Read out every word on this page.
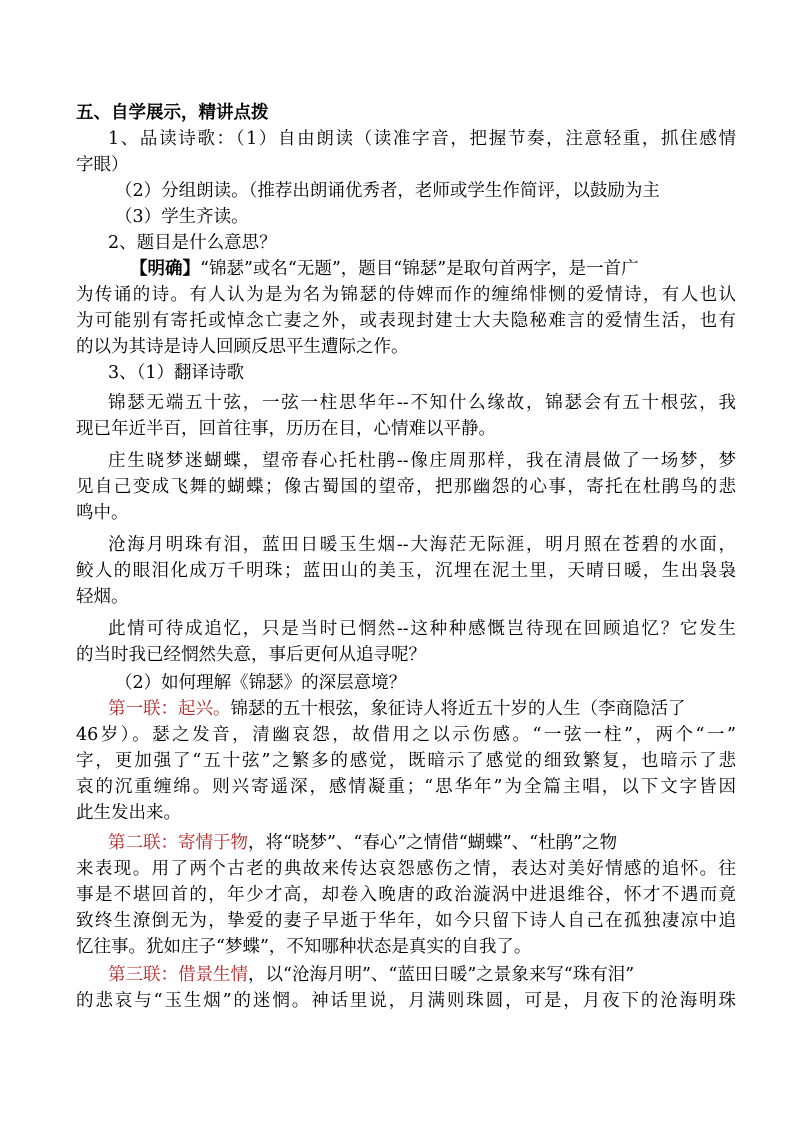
五、自学展示，精讲点拨
1、品读诗歌：（1）自由朗读（读准字音，把握节奏，注意轻重，抓住感情
字眼）
（2）分组朗读。（推荐出朗诵优秀者，老师或学生作简评，以鼓励为主
（3）学生齐读。
2、题目是什么意思？
【明确】“锦瑟”或名“无题”，题目“锦瑟”是取句首两字，是一首广
为传诵的诗。有人认为是为名为锦瑟的侍婢而作的缠绵悱恻的爱情诗，有人也认
为可能别有寄托或悼念亡妻之外，或表现封建士大夫隐秘难言的爱情生活，也有
的以为其诗是诗人回顾反思平生遭际之作。
3、（1）翻译诗歌
锦瑟无端五十弦，一弦一柱思华年--不知什么缘故，锦瑟会有五十根弦，我
现已年近半百，回首往事，历历在目，心情难以平静。
庄生晓梦迷蝴蝶，望帝春心托杜鹃--像庄周那样，我在清晨做了一场梦，梦
见自己变成飞舞的蝴蝶；像古蜀国的望帝，把那幽怨的心事，寄托在杜鹃鸟的悲
鸣中。
沧海月明珠有泪，蓝田日暖玉生烟--大海茫无际涯，明月照在苍碧的水面，
鲛人的眼泪化成万千明珠；蓝田山的美玉，沉埋在泥土里，天晴日暖，生出袅袅
轻烟。
此情可待成追忆，只是当时已惘然--这种种感慨岂待现在回顾追忆？它发生
的当时我已经惘然失意，事后更何从追寻呢？
（2）如何理解《锦瑟》的深层意境？
第一联：起兴。锦瑟的五十根弦，象征诗人将近五十岁的人生（李商隐活了
46岁）。瑟之发音，清幽哀怨，故借用之以示伤感。“一弦一柱”，两个“一”
字，更加强了“五十弦”之繁多的感觉，既暗示了感觉的细致繁复，也暗示了悲
哀的沉重缠绵。则兴寄遥深，感情凝重；“思华年”为全篇主唱，以下文字皆因
此生发出来。
第二联：寄情于物，将“晓梦”、“春心”之情借“蝴蝶”、“杜鹃”之物
来表现。用了两个古老的典故来传达哀怨感伤之情，表达对美好情感的追怀。往
事是不堪回首的，年少才高，却卷入晚唐的政治漩涡中进退维谷，怀才不遇而竟
致终生潦倒无为，挚爱的妻子早逝于华年，如今只留下诗人自己在孤独凄凉中追
忆往事。犹如庄子“梦蝶”，不知哪种状态是真实的自我了。
第三联：借景生情，以“沧海月明”、“蓝田日暖”之景象来写“珠有泪”
的悲哀与“玉生烟”的迷惘。神话里说，月满则珠圆，可是，月夜下的沧海明珠
